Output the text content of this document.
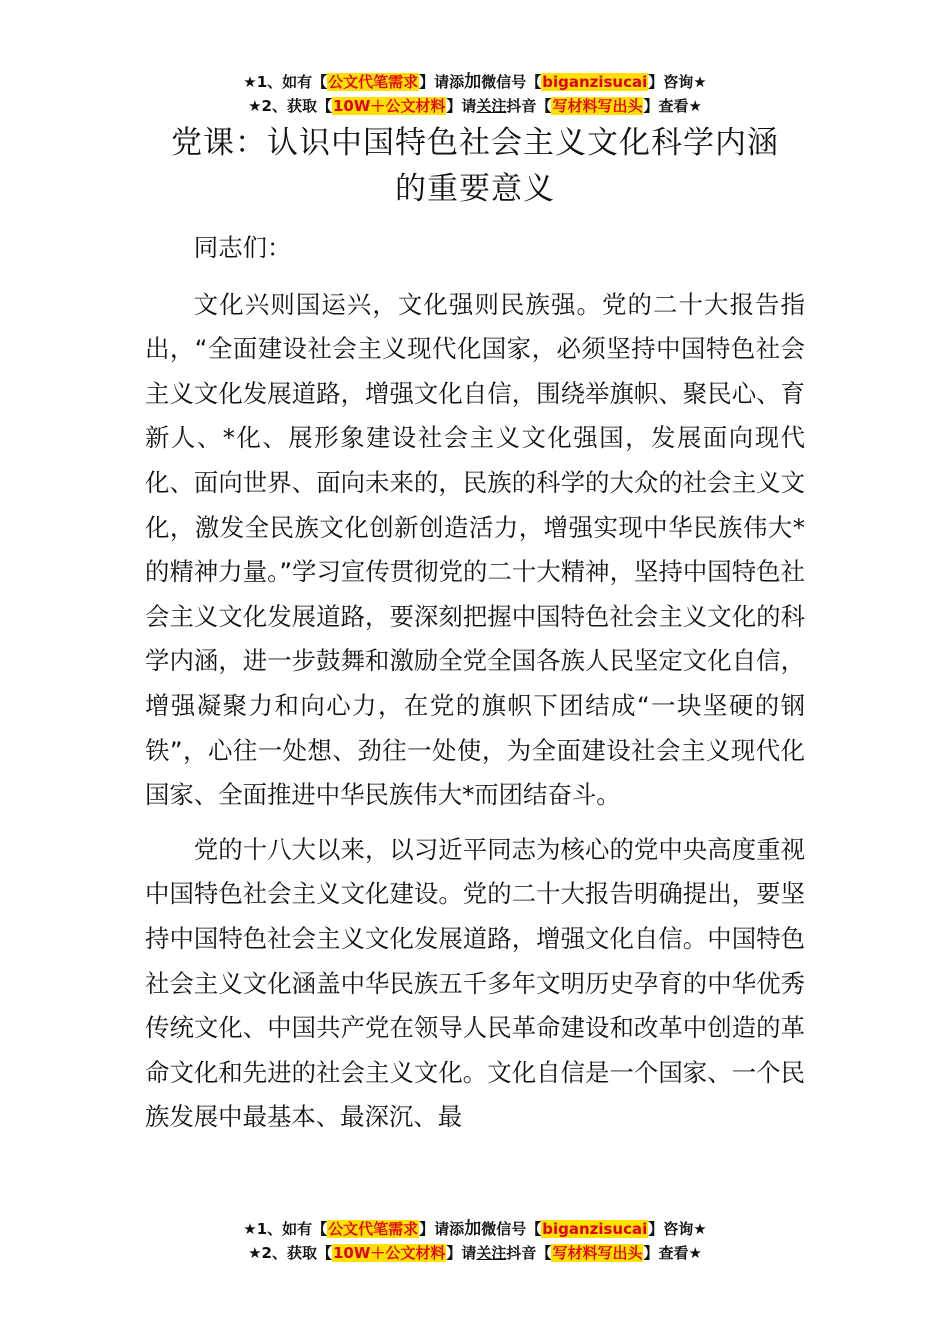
★1、如有【公文代笔需求】请添加微信号【biganzisucai】咨询★
★2、获取【10W＋公文材料】请关注抖音【写材料写出头】查看★
党课：认识中国特色社会主义文化科学内涵
的重要意义

同志们：

文化兴则国运兴，文化强则民族强。党的二十大报告指出，“全面建设社会主义现代化国家，必须坚持中国特色社会主义文化发展道路，增强文化自信，围绕举旗帜、聚民心、育新人、*化、展形象建设社会主义文化强国，发展面向现代化、面向世界、面向未来的，民族的科学的大众的社会主义文化，激发全民族文化创新创造活力，增强实现中华民族伟大*的精神力量。”学习宣传贯彻党的二十大精神，坚持中国特色社会主义文化发展道路，要深刻把握中国特色社会主义文化的科学内涵，进一步鼓舞和激励全党全国各族人民坚定文化自信，增强凝聚力和向心力，在党的旗帜下团结成“一块坚硬的钢铁”，心往一处想、劲往一处使，为全面建设社会主义现代化国家、全面推进中华民族伟大*而团结奋斗。

党的十八大以来，以习近平同志为核心的党中央高度重视中国特色社会主义文化建设。党的二十大报告明确提出，要坚持中国特色社会主义文化发展道路，增强文化自信。中国特色社会主义文化涵盖中华民族五千多年文明历史孕育的中华优秀传统文化、中国共产党在领导人民革命建设和改革中创造的革命文化和先进的社会主义文化。文化自信是一个国家、一个民族发展中最基本、最深沉、最

★1、如有【公文代笔需求】请添加微信号【biganzisucai】咨询★
★2、获取【10W＋公文材料】请关注抖音【写材料写出头】查看★
